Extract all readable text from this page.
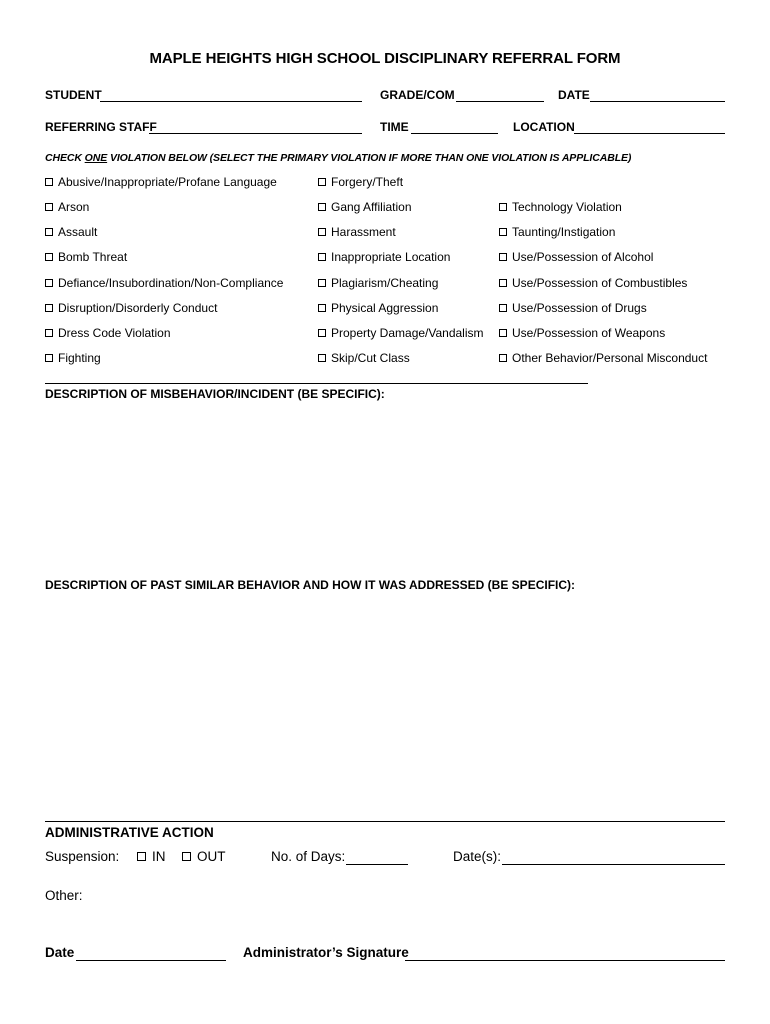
MAPLE HEIGHTS HIGH SCHOOL DISCIPLINARY REFERRAL FORM
STUDENT	GRADE/COM	DATE
REFERRING STAFF	TIME	LOCATION
CHECK ONE VIOLATION BELOW (SELECT THE PRIMARY VIOLATION IF MORE THAN ONE VIOLATION IS APPLICABLE)
Abusive/Inappropriate/Profane Language
Arson
Assault
Bomb Threat
Defiance/Insubordination/Non-Compliance
Disruption/Disorderly Conduct
Dress Code Violation
Fighting
Forgery/Theft
Gang Affiliation
Harassment
Inappropriate Location
Plagiarism/Cheating
Physical Aggression
Property Damage/Vandalism
Skip/Cut Class
Technology Violation
Taunting/Instigation
Use/Possession of Alcohol
Use/Possession of Combustibles
Use/Possession of Drugs
Use/Possession of Weapons
Other Behavior/Personal Misconduct
DESCRIPTION OF MISBEHAVIOR/INCIDENT (BE SPECIFIC):
DESCRIPTION OF PAST SIMILAR BEHAVIOR AND HOW IT WAS ADDRESSED (BE SPECIFIC):
ADMINISTRATIVE ACTION
Suspension: IN OUT	No. of Days:	Date(s):
Other:
Date	Administrator’s Signature
